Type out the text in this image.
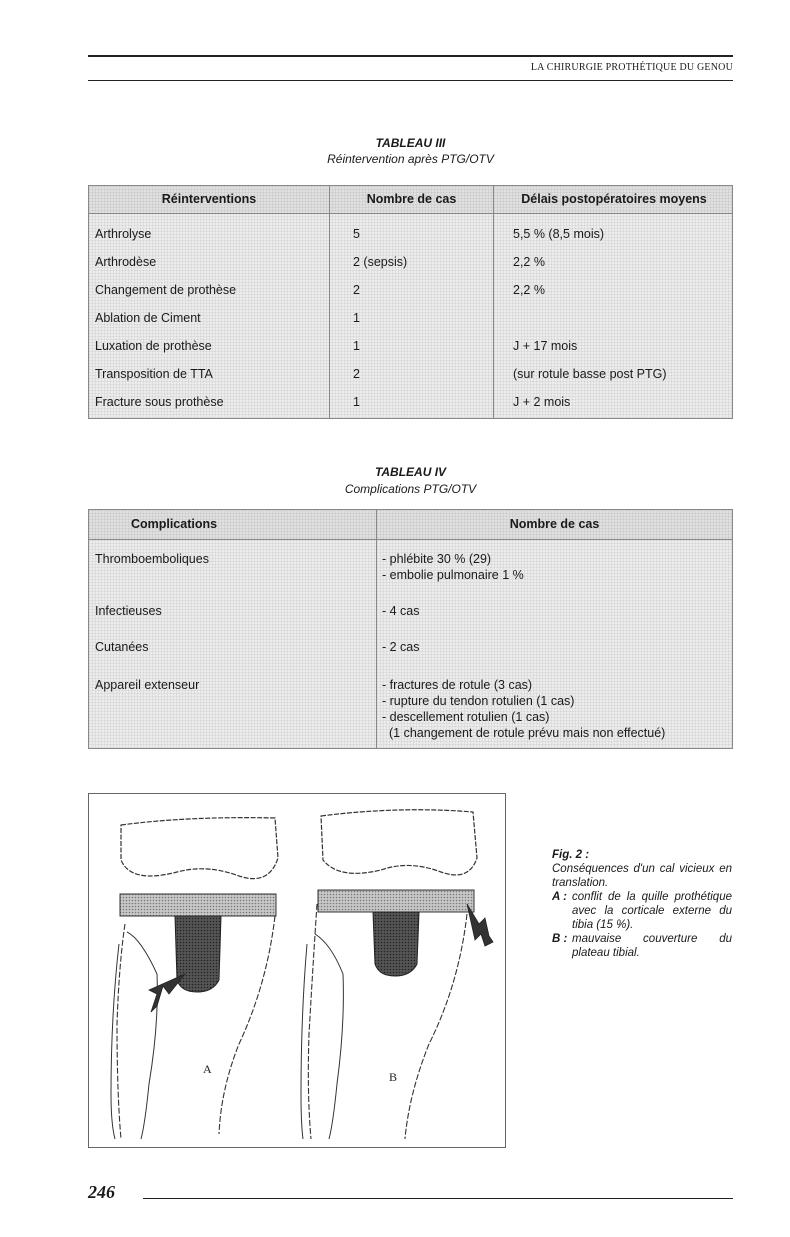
LA CHIRURGIE PROTHÉTIQUE DU GENOU
TABLEAU III
Réintervention après PTG/OTV
Réinterventions	Nombre de cas	Délais postopératoires moyens
Arthrolyse	5	5,5 % (8,5 mois)
Arthrodèse	2 (sepsis)	2,2 %
Changement de prothèse	2	2,2 %
Ablation de Ciment	1
Luxation de prothèse	1	J + 17 mois
Transposition de TTA	2	(sur rotule basse post PTG)
Fracture sous prothèse	1	J + 2 mois
TABLEAU IV
Complications PTG/OTV
Complications	Nombre de cas
Thromboemboliques	- phlébite 30 % (29)
- embolie pulmonaire 1 %
Infectieuses	- 4 cas
Cutanées	- 2 cas
Appareil extenseur	- fractures de rotule (3 cas)
- rupture du tendon rotulien (1 cas)
- descellement rotulien (1 cas)
(1 changement de rotule prévu mais non effectué)
A
B
Fig. 2 :
Conséquences d'un cal vicieux en translation.
A : conflit de la quille prothétique avec la corticale externe du tibia (15 %).
B : mauvaise couverture du plateau tibial.
246
